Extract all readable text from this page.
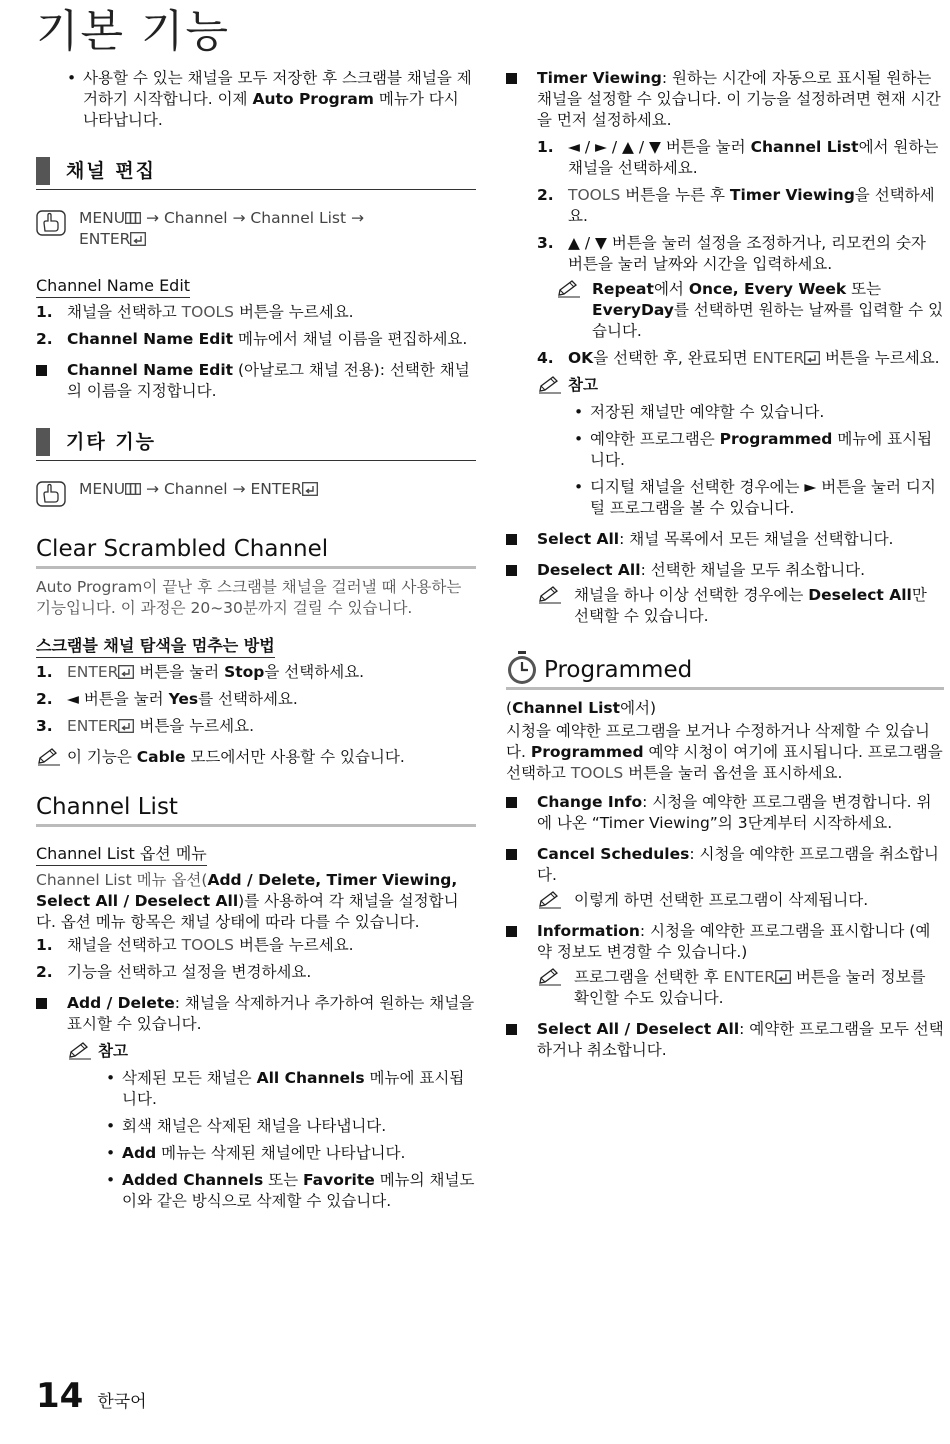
기본 기능

• 사용할 수 있는 채널을 모두 저장한 후 스크램블 채널을 제거하기 시작합니다. 이제 Auto Program 메뉴가 다시 나타납니다.

채널 편집

MENU → Channel → Channel List →
ENTER

Channel Name Edit

1. 채널을 선택하고 TOOLS 버튼을 누르세요.

2. Channel Name Edit 메뉴에서 채널 이름을 편집하세요.

Channel Name Edit (아날로그 채널 전용): 선택한 채널의 이름을 지정합니다.

기타 기능

MENU → Channel → ENTER

Clear Scrambled Channel

Auto Program이 끝난 후 스크램블 채널을 걸러낼 때 사용하는 기능입니다. 이 과정은 20~30분까지 걸릴 수 있습니다.

스크램블 채널 탐색을 멈추는 방법

1. ENTER 버튼을 눌러 Stop을 선택하세요.

2. ◄ 버튼을 눌러 Yes를 선택하세요.

3. ENTER 버튼을 누르세요.

이 기능은 Cable 모드에서만 사용할 수 있습니다.

Channel List

Channel List 옵션 메뉴

Channel List 메뉴 옵션(Add / Delete, Timer Viewing, Select All / Deselect All)를 사용하여 각 채널을 설정합니다. 옵션 메뉴 항목은 채널 상태에 따라 다를 수 있습니다.

1. 채널을 선택하고 TOOLS 버튼을 누르세요.

2. 기능을 선택하고 설정을 변경하세요.

Add / Delete: 채널을 삭제하거나 추가하여 원하는 채널을 표시할 수 있습니다.

참고

• 삭제된 모든 채널은 All Channels 메뉴에 표시됩니다.

• 회색 채널은 삭제된 채널을 나타냅니다.

• Add 메뉴는 삭제된 채널에만 나타납니다.

• Added Channels 또는 Favorite 메뉴의 채널도 이와 같은 방식으로 삭제할 수 있습니다.

Timer Viewing: 원하는 시간에 자동으로 표시될 원하는 채널을 설정할 수 있습니다. 이 기능을 설정하려면 현재 시간을 먼저 설정하세요.

1. ◄ / ► / ▲ / ▼ 버튼을 눌러 Channel List에서 원하는 채널을 선택하세요.

2. TOOLS 버튼을 누른 후 Timer Viewing을 선택하세요.

3. ▲ / ▼ 버튼을 눌러 설정을 조정하거나, 리모컨의 숫자 버튼을 눌러 날짜와 시간을 입력하세요.

Repeat에서 Once, Every Week 또는 EveryDay를 선택하면 원하는 날짜를 입력할 수 있습니다.

4. OK을 선택한 후, 완료되면 ENTER 버튼을 누르세요.

참고

• 저장된 채널만 예약할 수 있습니다.

• 예약한 프로그램은 Programmed 메뉴에 표시됩니다.

• 디지털 채널을 선택한 경우에는 ► 버튼을 눌러 디지털 프로그램을 볼 수 있습니다.

Select All: 채널 목록에서 모든 채널을 선택합니다.

Deselect All: 선택한 채널을 모두 취소합니다.

채널을 하나 이상 선택한 경우에는 Deselect All만 선택할 수 있습니다.

Programmed

(Channel List에서)

시청을 예약한 프로그램을 보거나 수정하거나 삭제할 수 있습니다. Programmed 예약 시청이 여기에 표시됩니다. 프로그램을 선택하고 TOOLS 버튼을 눌러 옵션을 표시하세요.

Change Info: 시청을 예약한 프로그램을 변경합니다. 위에 나온 “Timer Viewing”의 3단계부터 시작하세요.

Cancel Schedules: 시청을 예약한 프로그램을 취소합니다.

이렇게 하면 선택한 프로그램이 삭제됩니다.

Information: 시청을 예약한 프로그램을 표시합니다 (예약 정보도 변경할 수 있습니다.)

프로그램을 선택한 후 ENTER 버튼을 눌러 정보를 확인할 수도 있습니다.

Select All / Deselect All: 예약한 프로그램을 모두 선택하거나 취소합니다.

14 한국어
